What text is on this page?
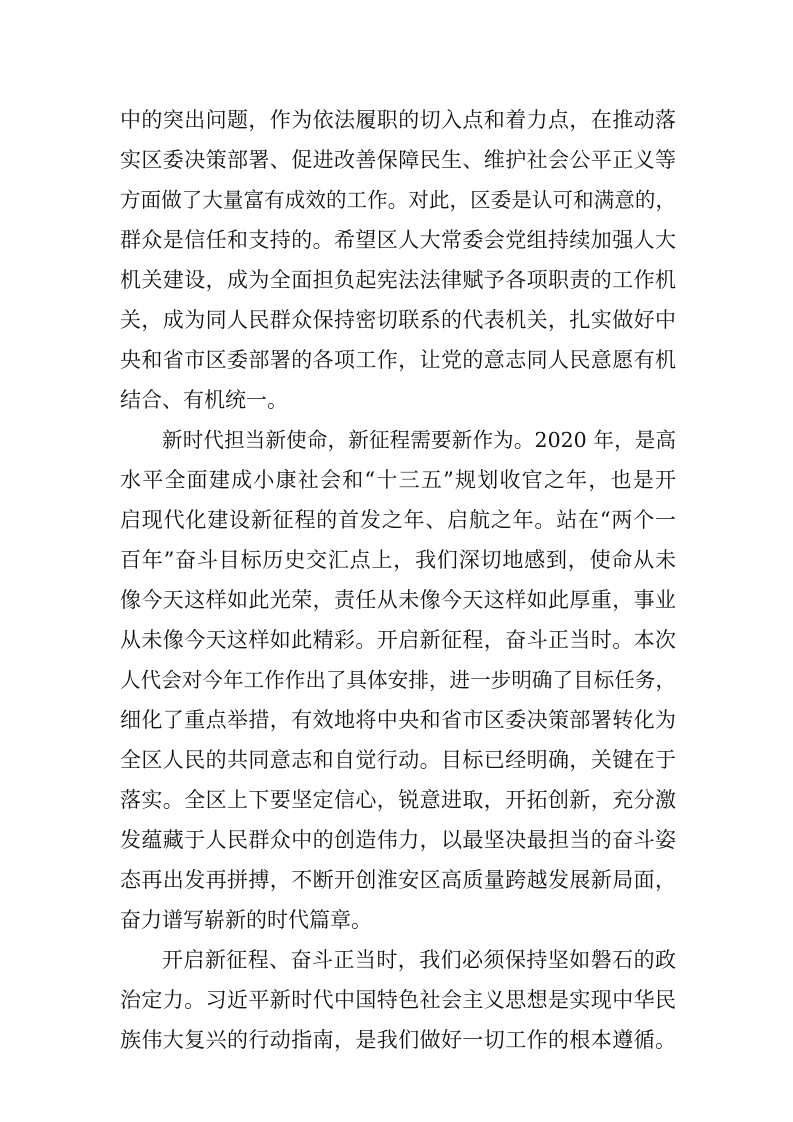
中的突出问题，作为依法履职的切入点和着力点，在推动落
实区委决策部署、促进改善保障民生、维护社会公平正义等
方面做了大量富有成效的工作。对此，区委是认可和满意的，
群众是信任和支持的。希望区人大常委会党组持续加强人大
机关建设，成为全面担负起宪法法律赋予各项职责的工作机
关，成为同人民群众保持密切联系的代表机关，扎实做好中
央和省市区委部署的各项工作，让党的意志同人民意愿有机
结合、有机统一。
新时代担当新使命，新征程需要新作为。2020 年，是高
水平全面建成小康社会和“十三五”规划收官之年，也是开
启现代化建设新征程的首发之年、启航之年。站在“两个一
百年”奋斗目标历史交汇点上，我们深切地感到，使命从未
像今天这样如此光荣，责任从未像今天这样如此厚重，事业
从未像今天这样如此精彩。开启新征程，奋斗正当时。本次
人代会对今年工作作出了具体安排，进一步明确了目标任务，
细化了重点举措，有效地将中央和省市区委决策部署转化为
全区人民的共同意志和自觉行动。目标已经明确，关键在于
落实。全区上下要坚定信心，锐意进取，开拓创新，充分激
发蕴藏于人民群众中的创造伟力，以最坚决最担当的奋斗姿
态再出发再拼搏，不断开创淮安区高质量跨越发展新局面，
奋力谱写崭新的时代篇章。
开启新征程、奋斗正当时，我们必须保持坚如磐石的政
治定力。习近平新时代中国特色社会主义思想是实现中华民
族伟大复兴的行动指南，是我们做好一切工作的根本遵循。
